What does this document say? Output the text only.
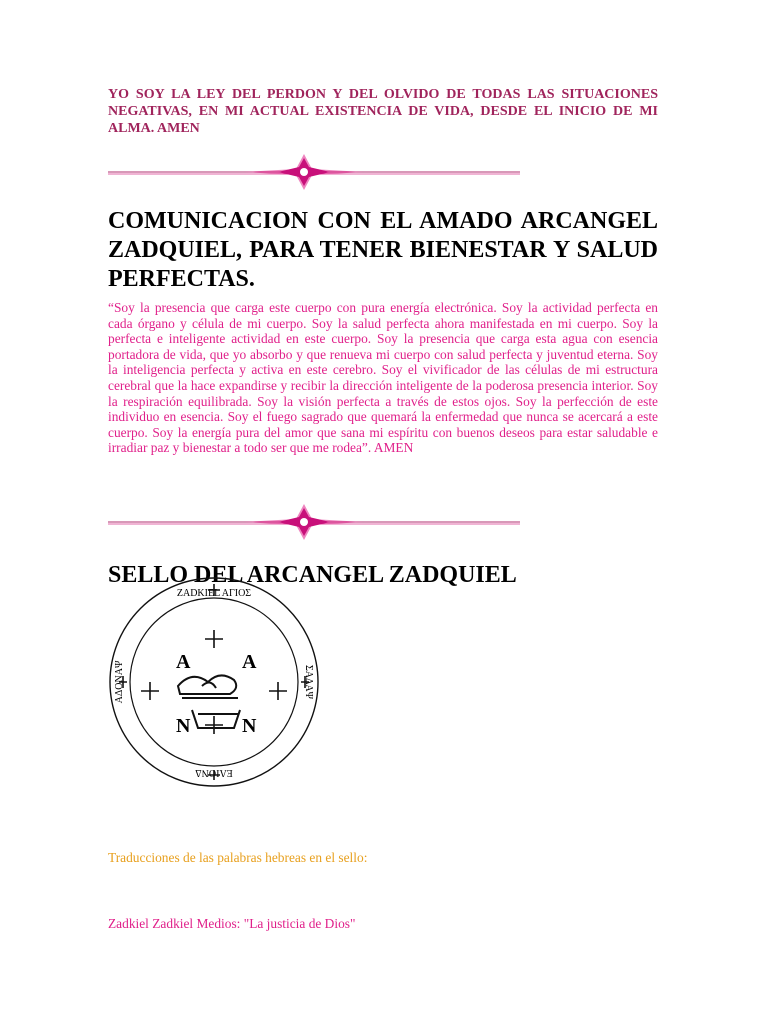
YO SOY LA LEY DEL PERDON Y DEL OLVIDO DE TODAS LAS SITUACIONES NEGATIVAS, EN MI ACTUAL EXISTENCIA DE VIDA, DESDE EL INICIO DE MI ALMA. AMEN

COMUNICACION CON EL AMADO ARCANGEL ZADQUIEL, PARA TENER BIENESTAR Y SALUD PERFECTAS.

“Soy la presencia que carga este cuerpo con pura energía electrónica. Soy la actividad perfecta en cada órgano y célula de mi cuerpo. Soy la salud perfecta ahora manifestada en mi cuerpo. Soy la perfecta e inteligente actividad en este cuerpo. Soy la presencia que carga esta agua con esencia portadora de vida, que yo absorbo y que renueva mi cuerpo con salud perfecta y juventud eterna. Soy la inteligencia perfecta y activa en este cerebro. Soy el vivificador de las células de mi estructura cerebral que la hace expandirse y recibir la dirección inteligente de la poderosa presencia interior. Soy la respiración equilibrada. Soy la visión perfecta a través de estos ojos. Soy la perfección de este individuo en esencia. Soy el fuego sagrado que quemará la enfermedad que nunca se acercará a este cuerpo. Soy la energía pura del amor que sana mi espíritu con buenos deseos para estar saludable e irradiar paz y bienestar a todo ser que me rodea”. AMEN

SELLO DEL ARCANGEL ZADQUIEL
ZADKIEL AΓIOΣ
ΣAΔAΨ
AΔONAΨ
EΛIONΔ
A	A
N	N

Traducciones de las palabras hebreas en el sello:

Zadkiel Zadkiel Medios: "La justicia de Dios"
